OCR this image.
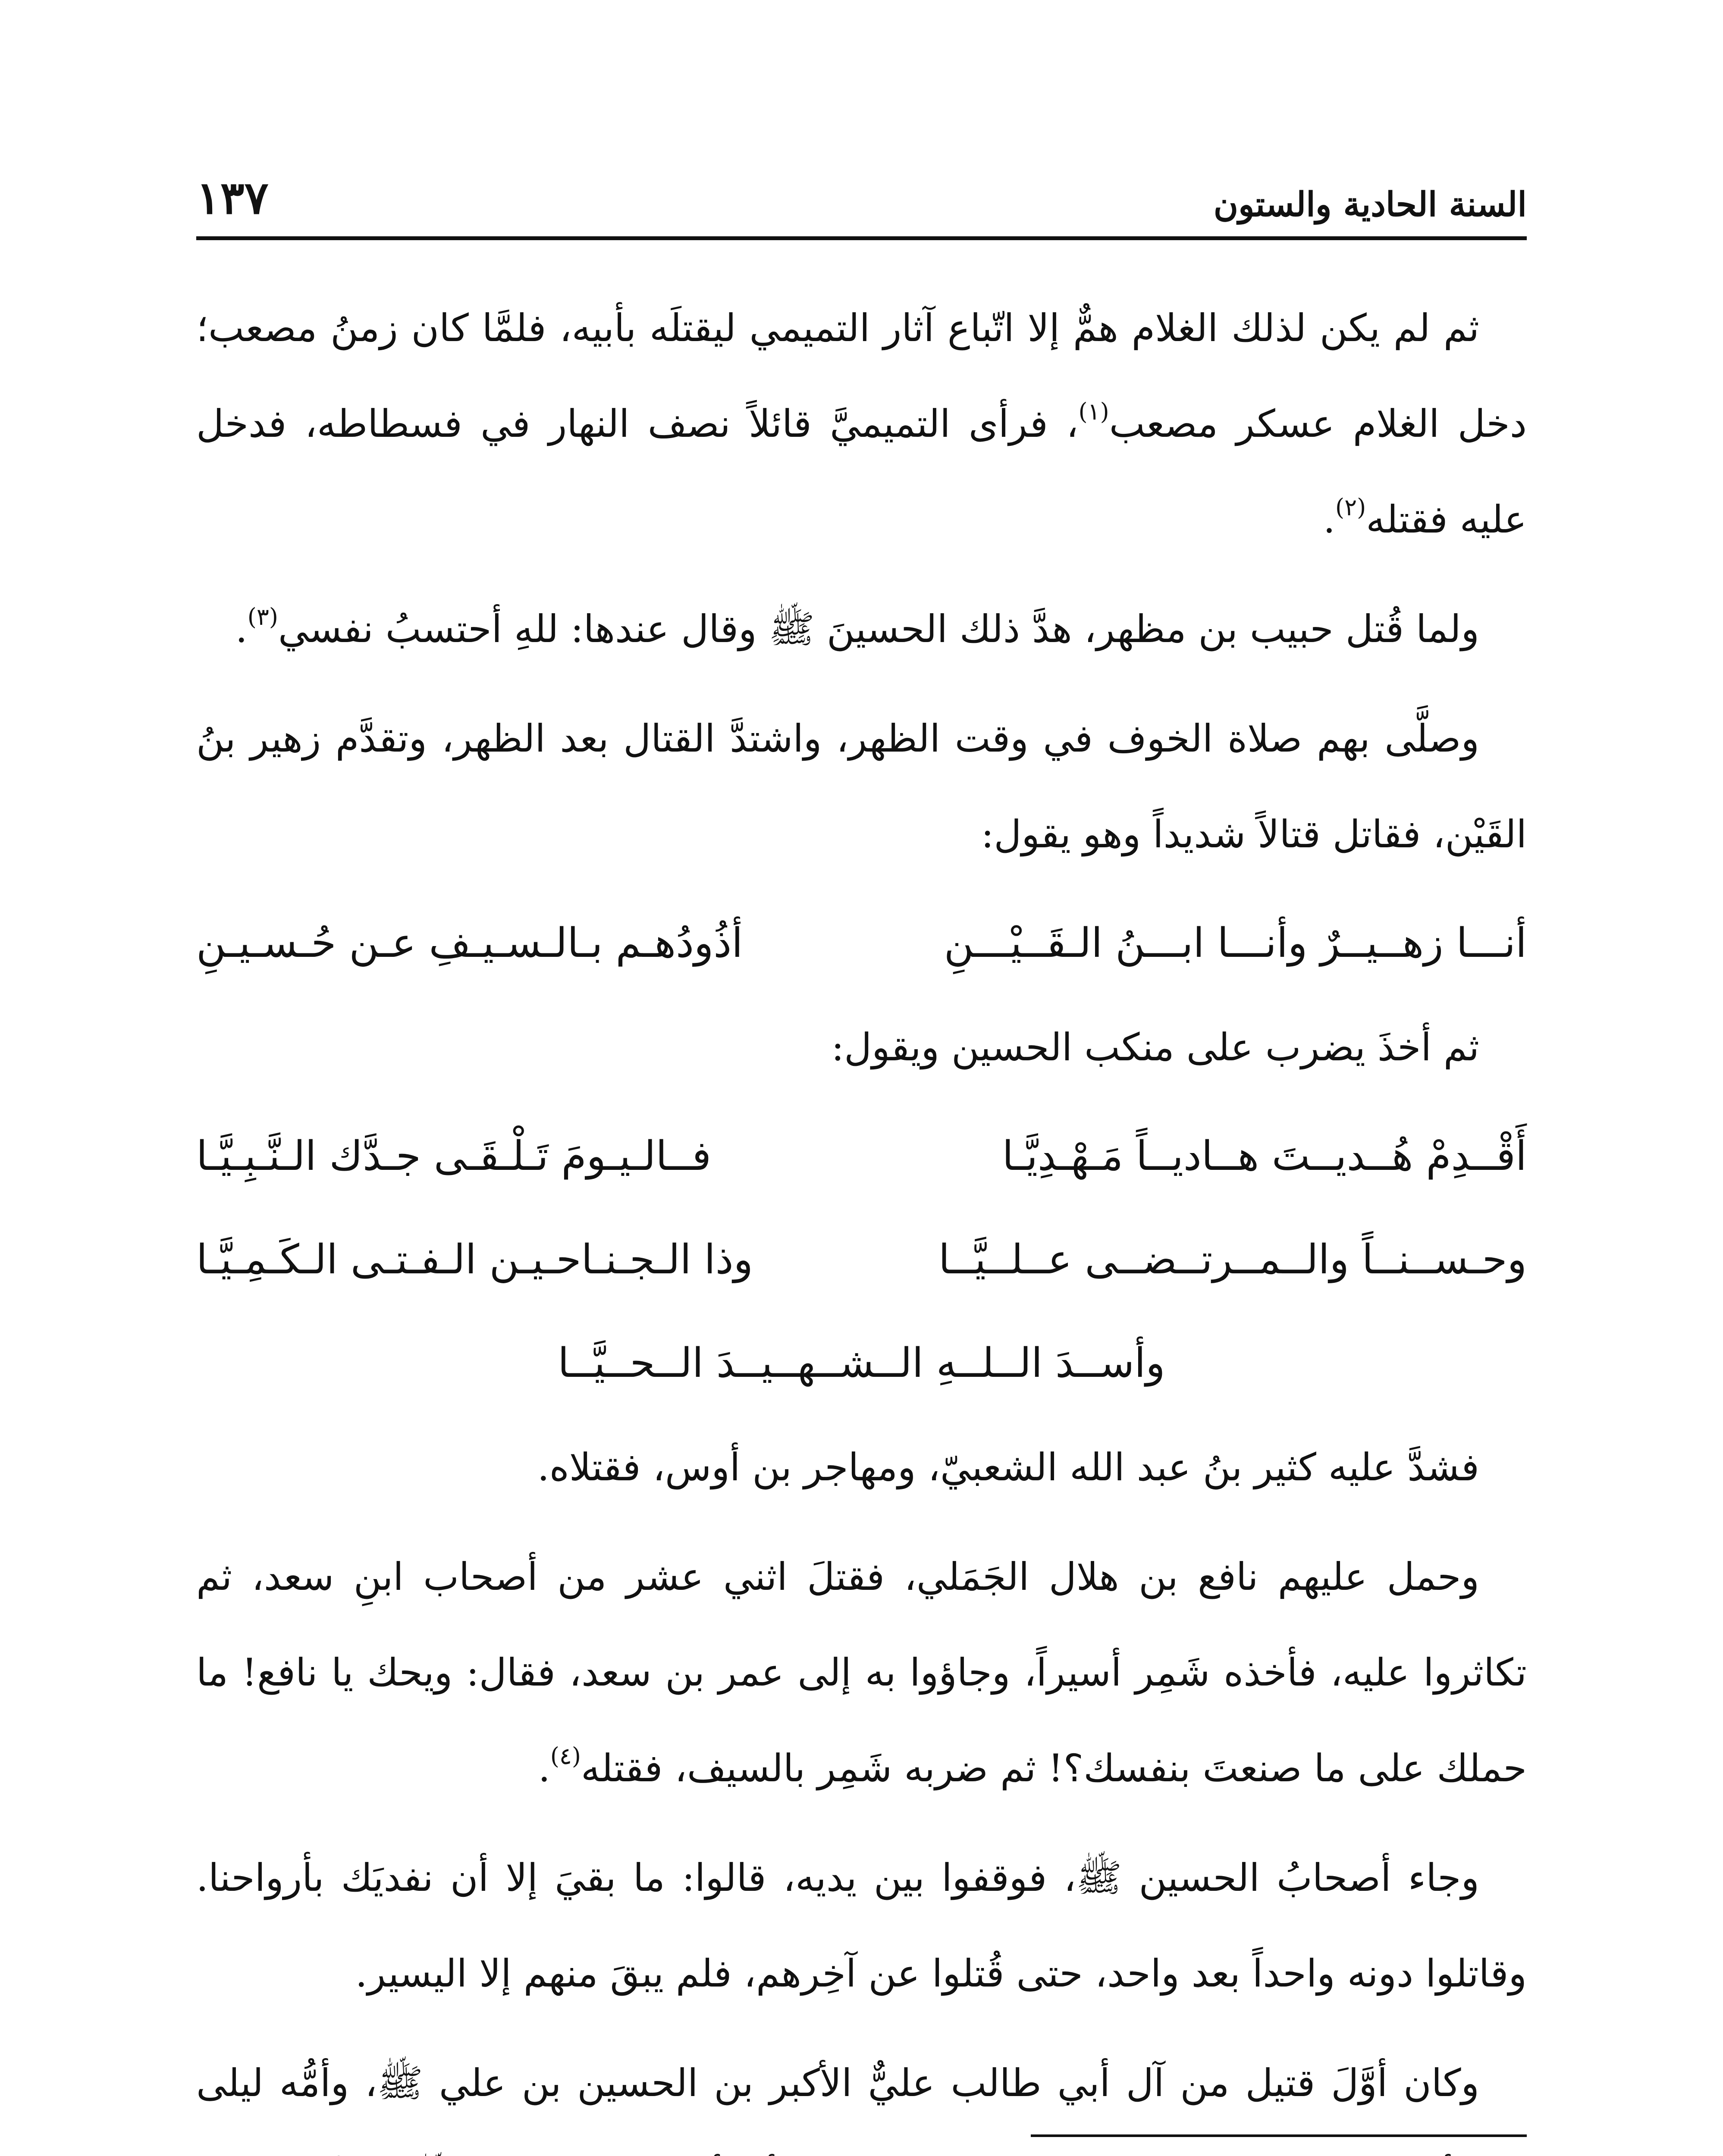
السنة الحادية والستون
١٣٧

ثم لم يكن لذلك الغلام همٌّ إلا اتّباع آثار التميمي ليقتلَه بأبيه، فلمَّا كان زمنُ مصعب؛ دخل الغلام عسكر مصعب$^{(١)}$، فرأى التميميَّ قائلاً نصف النهار في فسطاطه، فدخل عليه فقتله$^{(٢)}$.

ولما قُتل حبيب بن مظهر، هدَّ ذلك الحسينَ ﷺ وقال عندها: للهِ أحتسبُ نفسي$^{(٣)}$.

وصلَّى بهم صلاة الخوف في وقت الظهر، واشتدَّ القتال بعد الظهر، وتقدَّم زهير بنُ القَيْن، فقاتل قتالاً شديداً وهو يقول:

أنـــا زهــيــرٌ وأنـــا ابـــنُ الـقَــيْـــنِ
أذُودُهـم بـالـسـيـفِ عـن حُـسـيـنِ

ثم أخذَ يضرب على منكب الحسين ويقول:

أَقْــدِمْ هُــديــتَ هــاديــاً مَـهْـدِيَّـا
فــالـيـومَ تَـلْـقَـى جـدَّك الـنَّـبِـيَّـا
وحـســنــاً والــمــرتــضــى عــلــيَّــا
وذا الـجـنـاحـيـن الـفـتـى الـكَـمِـيَّـا
وأســدَ الــلــهِ الــشــهــيــدَ الــحــيَّــا

فشدَّ عليه كثير بنُ عبد الله الشعبيّ، ومهاجر بن أوس، فقتلاه.

وحمل عليهم نافع بن هلال الجَمَلي، فقتلَ اثني عشر من أصحاب ابنِ سعد، ثم تكاثروا عليه، فأخذه شَمِر أسيراً، وجاؤوا به إلى عمر بن سعد، فقال: ويحك يا نافع! ما حملك على ما صنعتَ بنفسك؟! ثم ضربه شَمِر بالسيف، فقتله$^{(٤)}$.

وجاء أصحابُ الحسين ﷺ، فوقفوا بين يديه، قالوا: ما بقيَ إلا أن نفديَك بأرواحنا. وقاتلوا دونه واحداً بعد واحد، حتى قُتلوا عن آخِرهم، فلم يبقَ منهم إلا اليسير.

وكان أوَّلَ قتيل من آل أبي طالب عليٌّ الأكبر بن الحسين بن علي ﷺ، وأمُّه ليلى
